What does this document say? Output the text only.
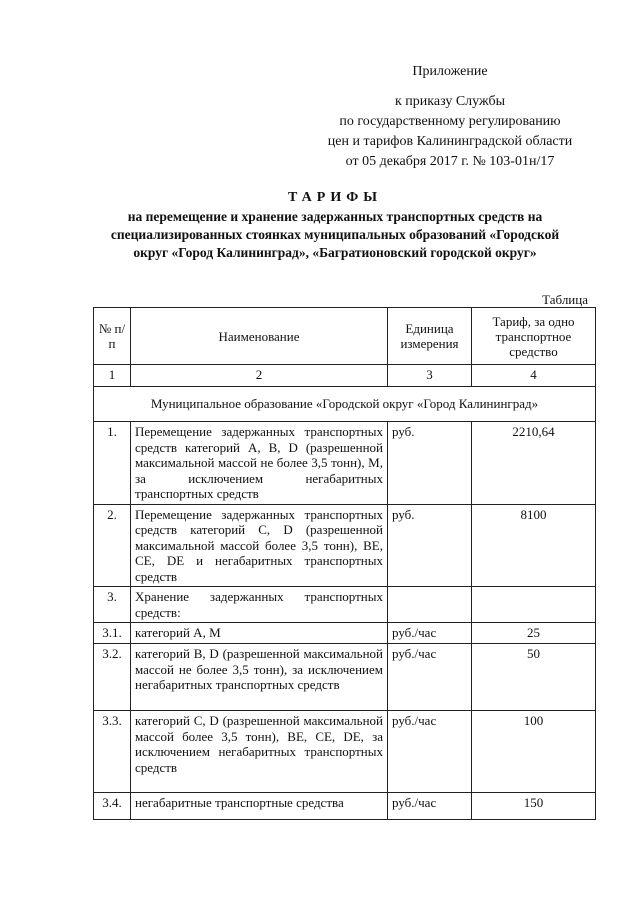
Приложение
к приказу Службы
по государственному регулированию
цен и тарифов Калининградской области
от 05 декабря 2017 г. № 103-01н/17
ТАРИФЫ
на перемещение и хранение задержанных транспортных средств на специализированных стоянках муниципальных образований «Городской округ «Город Калининград», «Багратионовский городской округ»
Таблица
№ п/п	Наименование	Единица измерения	Тариф, за одно транспортное средство
1	2	3	4
Муниципальное образование «Городской округ «Город Калининград»			
1.	Перемещение задержанных транспортных средств категорий A, B, D (разрешенной максимальной массой не более 3,5 тонн), M, за исключением негабаритных транспортных средств	руб.	2210,64
2.	Перемещение задержанных транспортных средств категорий C, D (разрешенной максимальной массой более 3,5 тонн), BE, CE, DE и негабаритных транспортных средств	руб.	8100
3.	Хранение задержанных транспортных средств:		
3.1.	категорий A, M	руб./час	25
3.2.	категорий B, D (разрешенной максимальной массой не более 3,5 тонн), за исключением негабаритных транспортных средств	руб./час	50
3.3.	категорий C, D (разрешенной максимальной массой более 3,5 тонн), BE, CE, DE, за исключением негабаритных транспортных средств	руб./час	100
3.4.	негабаритные транспортные средства	руб./час	150
